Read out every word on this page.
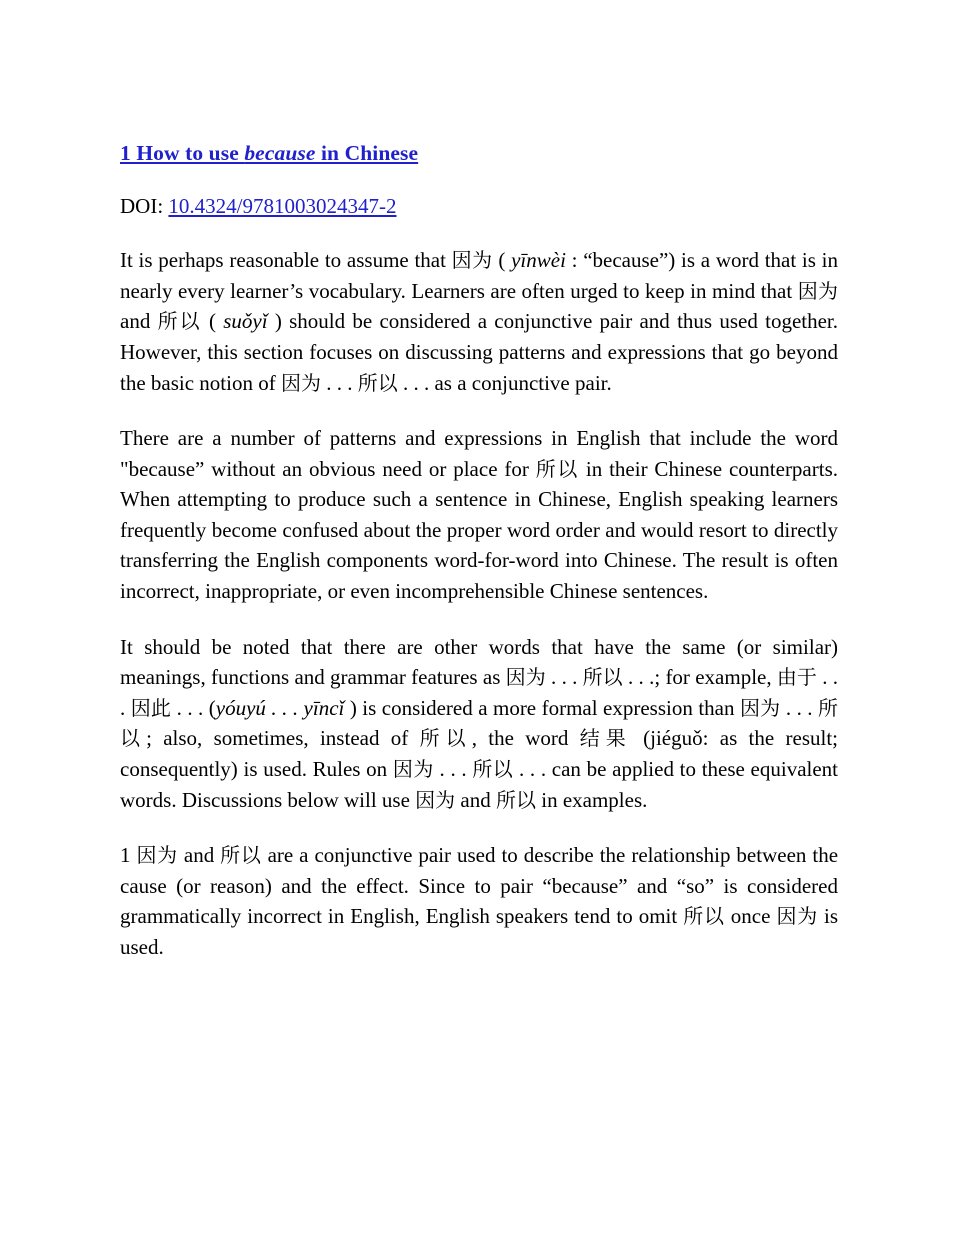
1 How to use because in Chinese
DOI: 10.4324/9781003024347-2

It is perhaps reasonable to assume that 因为 ( yīnwèi : “because”) is a word that is in nearly every learner’s vocabulary. Learners are often urged to keep in mind that 因为 and 所以 ( suǒyǐ ) should be considered a conjunctive pair and thus used together. However, this section focuses on discussing patterns and expressions that go beyond the basic notion of 因为 . . . 所以 . . . as a conjunctive pair.

There are a number of patterns and expressions in English that include the word "because” without an obvious need or place for 所以 in their Chinese counterparts. When attempting to produce such a sentence in Chinese, English speaking learners frequently become confused about the proper word order and would resort to directly transferring the English components word-for-word into Chinese. The result is often incorrect, inappropriate, or even incomprehensible Chinese sentences.

It should be noted that there are other words that have the same (or similar) meanings, functions and grammar features as 因为 . . . 所以 . . .; for example, 由于 . . . 因此 . . . (yóuyú . . . yīncǐ ) is considered a more formal expression than 因为 . . . 所以; also, sometimes, instead of 所以, the word 结果 (jiéguǒ: as the result; consequently) is used. Rules on 因为 . . . 所以 . . . can be applied to these equivalent words. Discussions below will use 因为 and 所以 in examples.

1 因为 and 所以 are a conjunctive pair used to describe the relationship between the cause (or reason) and the effect. Since to pair “because” and “so” is considered grammatically incorrect in English, English speakers tend to omit 所以 once 因为 is used.
